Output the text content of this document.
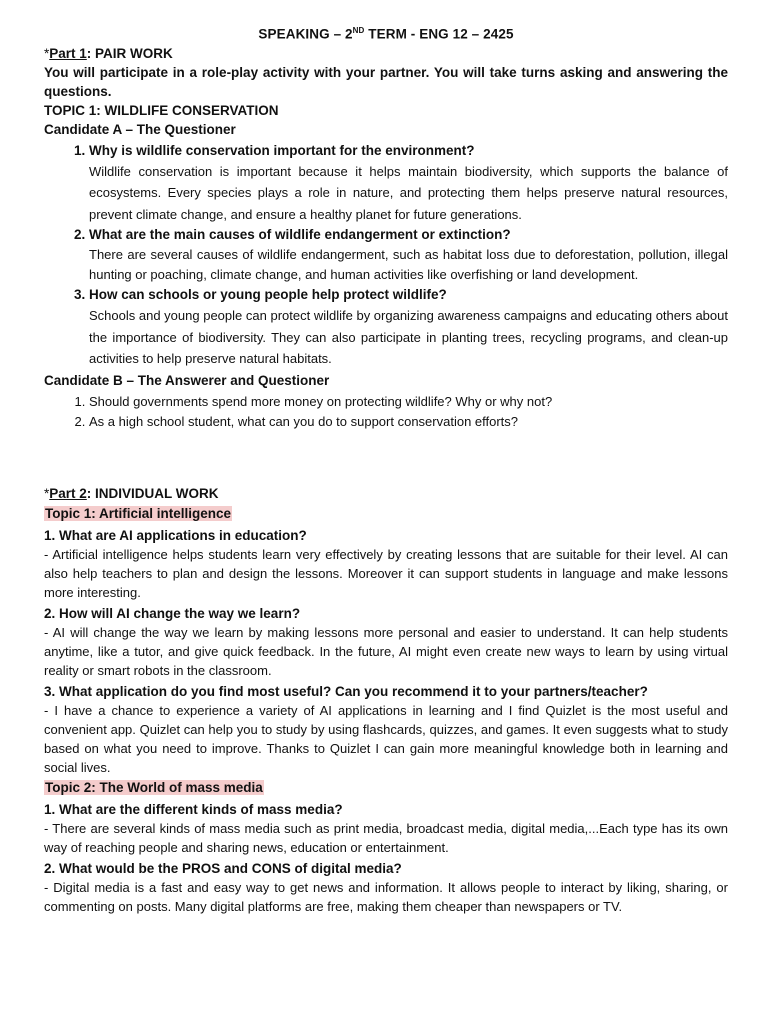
SPEAKING – 2ND TERM - ENG 12 – 2425
*Part 1: PAIR WORK
You will participate in a role-play activity with your partner. You will take turns asking and answering the questions.
TOPIC 1: WILDLIFE CONSERVATION
Candidate A – The Questioner
1. Why is wildlife conservation important for the environment?

Wildlife conservation is important because it helps maintain biodiversity, which supports the balance of ecosystems. Every species plays a role in nature, and protecting them helps preserve natural resources, prevent climate change, and ensure a healthy planet for future generations.

2. What are the main causes of wildlife endangerment or extinction?

There are several causes of wildlife endangerment, such as habitat loss due to deforestation, pollution, illegal hunting or poaching, climate change, and human activities like overfishing or land development.

3. How can schools or young people help protect wildlife?

Schools and young people can protect wildlife by organizing awareness campaigns and educating others about the importance of biodiversity. They can also participate in planting trees, recycling programs, and clean-up activities to help preserve natural habitats.

Candidate B – The Answerer and Questioner
1. Should governments spend more money on protecting wildlife? Why or why not?
2. As a high school student, what can you do to support conservation efforts?
*Part 2: INDIVIDUAL WORK
Topic 1: Artificial intelligence
1. What are AI applications in education?
- Artificial intelligence helps students learn very effectively by creating lessons that are suitable for their level. AI can also help teachers to plan and design the lessons. Moreover it can support students in language and make lessons more interesting.
2. How will AI change the way we learn?
- AI will change the way we learn by making lessons more personal and easier to understand. It can help students anytime, like a tutor, and give quick feedback. In the future, AI might even create new ways to learn by using virtual reality or smart robots in the classroom.
3. What application do you find most useful? Can you recommend it to your partners/teacher?
- I have a chance to experience a variety of AI applications in learning and I find Quizlet is the most useful and convenient app. Quizlet can help you to study by using flashcards, quizzes, and games. It even suggests what to study based on what you need to improve. Thanks to Quizlet I can gain more meaningful knowledge both in learning and social lives.
Topic 2: The World of mass media
1. What are the different kinds of mass media?
- There are several kinds of mass media such as print media, broadcast media, digital media,...Each type has its own way of reaching people and sharing news, education or entertainment.
2. What would be the PROS and CONS of digital media?
- Digital media is a fast and easy way to get news and information. It allows people to interact by liking, sharing, or commenting on posts. Many digital platforms are free, making them cheaper than newspapers or TV.
